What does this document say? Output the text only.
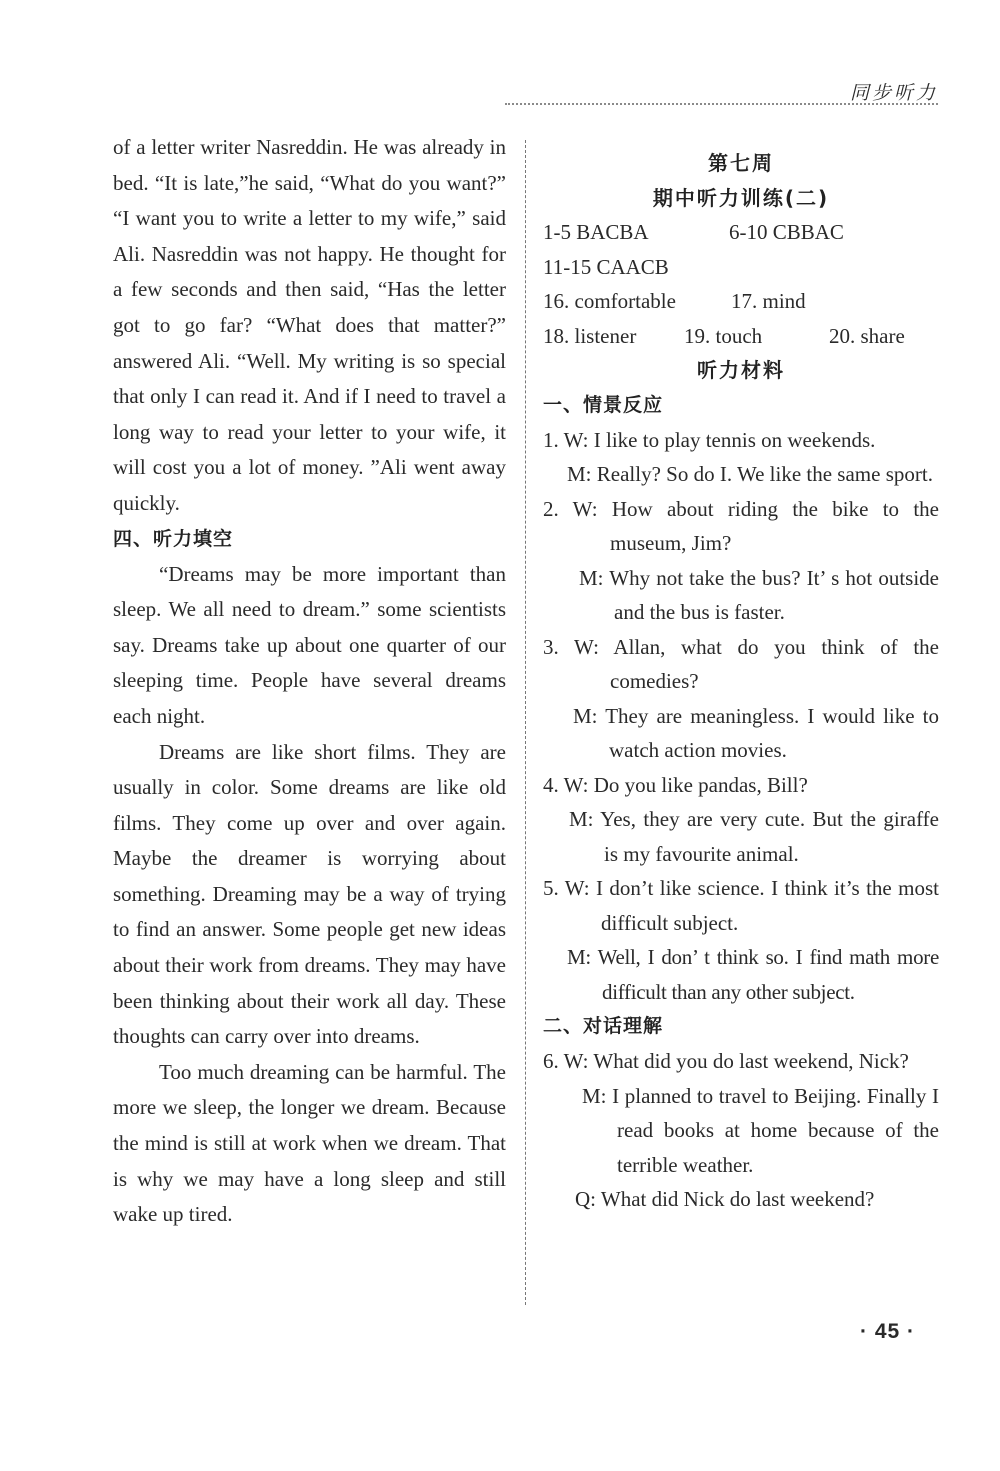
同步听力

of a letter writer Nasreddin. He was already in bed. “It is late,”he said, “What do you want?” “I want you to write a letter to my wife,” said Ali. Nasreddin was not happy. He thought for a few seconds and then said, “Has the letter got to go far? “What does that matter?” answered Ali. “Well. My writing is so special that only I can read it. And if I need to travel a long way to read your letter to your wife, it will cost you a lot of money. ”Ali went away quickly.

四、听力填空

“Dreams may be more important than sleep. We all need to dream.” some scientists say. Dreams take up about one quarter of our sleeping time. People have several dreams each night.

Dreams are like short films. They are usually in color. Some dreams are like old films. They come up over and over again. Maybe the dreamer is worrying about something. Dreaming may be a way of trying to find an answer. Some people get new ideas about their work from dreams. They may have been thinking about their work all day. These thoughts can carry over into dreams.

Too much dreaming can be harmful. The more we sleep, the longer we dream. Because the mind is still at work when we dream. That is why we may have a long sleep and still wake up tired.

第七周
期中听力训练(二)
1-5 BACBA	6-10 CBBAC
11-15 CAACB
16. comfortable	17. mind
18. listener	19. touch	20. share
听力材料
一、情景反应

1. W: I like to play tennis on weekends.

M: Really? So do I. We like the same sport.

2. W: How about riding the bike to the museum, Jim?

M: Why not take the bus? It’ s hot outside and the bus is faster.

3. W: Allan, what do you think of the comedies?

M: They are meaningless. I would like to watch action movies.

4. W: Do you like pandas, Bill?

M: Yes, they are very cute. But the giraffe is my favourite animal.

5. W: I don’t like science. I think it’s the most difficult subject.

M: Well, I don’ t think so. I find math more difficult than any other subject.

二、对话理解

6. W: What did you do last weekend, Nick?

M: I planned to travel to Beijing. Finally I read books at home because of the terrible weather.

Q: What did Nick do last weekend?

· 45 ·
